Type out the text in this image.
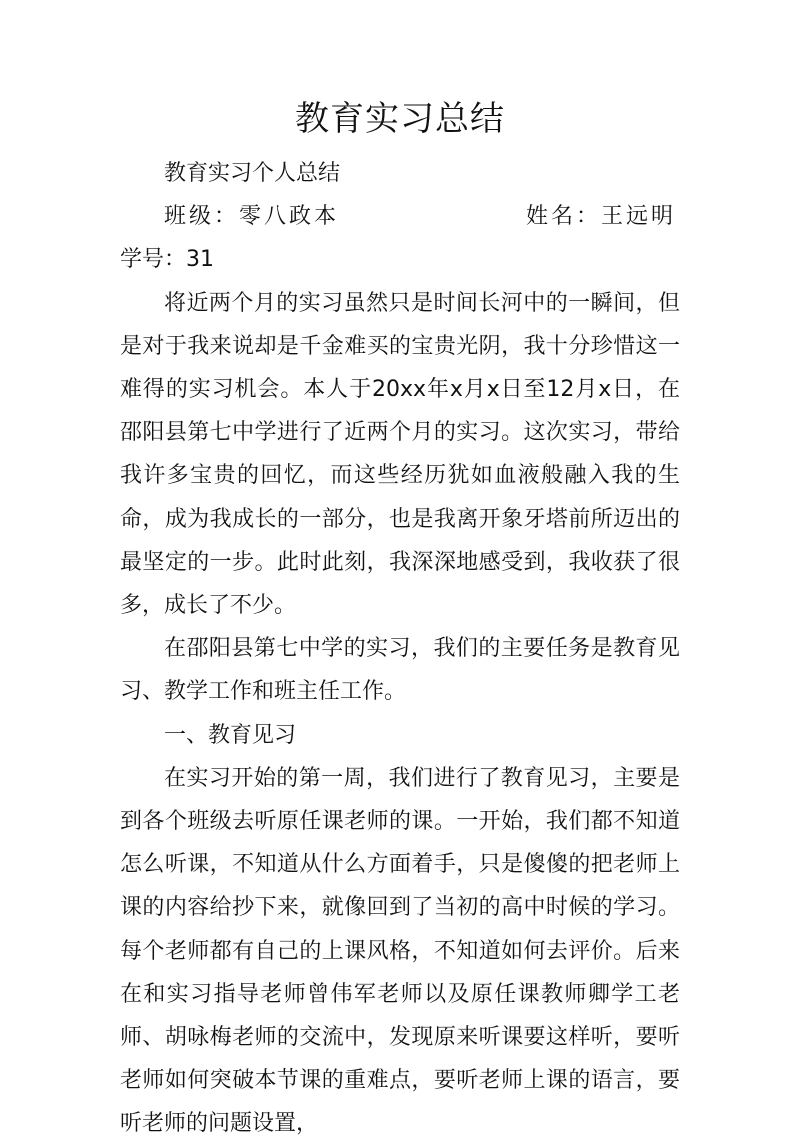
教育实习总结
教育实习个人总结
班级：零八政本	姓名：王远明
学号：31
将近两个月的实习虽然只是时间长河中的一瞬间，但是对于我来说却是千金难买的宝贵光阴，我十分珍惜这一难得的实习机会。本人于20xx年x月x日至12月x日，在邵阳县第七中学进行了近两个月的实习。这次实习，带给我许多宝贵的回忆，而这些经历犹如血液般融入我的生命，成为我成长的一部分，也是我离开象牙塔前所迈出的最坚定的一步。此时此刻，我深深地感受到，我收获了很多，成长了不少。
在邵阳县第七中学的实习，我们的主要任务是教育见习、教学工作和班主任工作。
一、教育见习
在实习开始的第一周，我们进行了教育见习，主要是到各个班级去听原任课老师的课。一开始，我们都不知道怎么听课，不知道从什么方面着手，只是傻傻的把老师上课的内容给抄下来，就像回到了当初的高中时候的学习。每个老师都有自己的上课风格，不知道如何去评价。后来在和实习指导老师曾伟军老师以及原任课教师卿学工老师、胡咏梅老师的交流中，发现原来听课要这样听，要听老师如何突破本节课的重难点，要听老师上课的语言，要听老师的问题设置，
